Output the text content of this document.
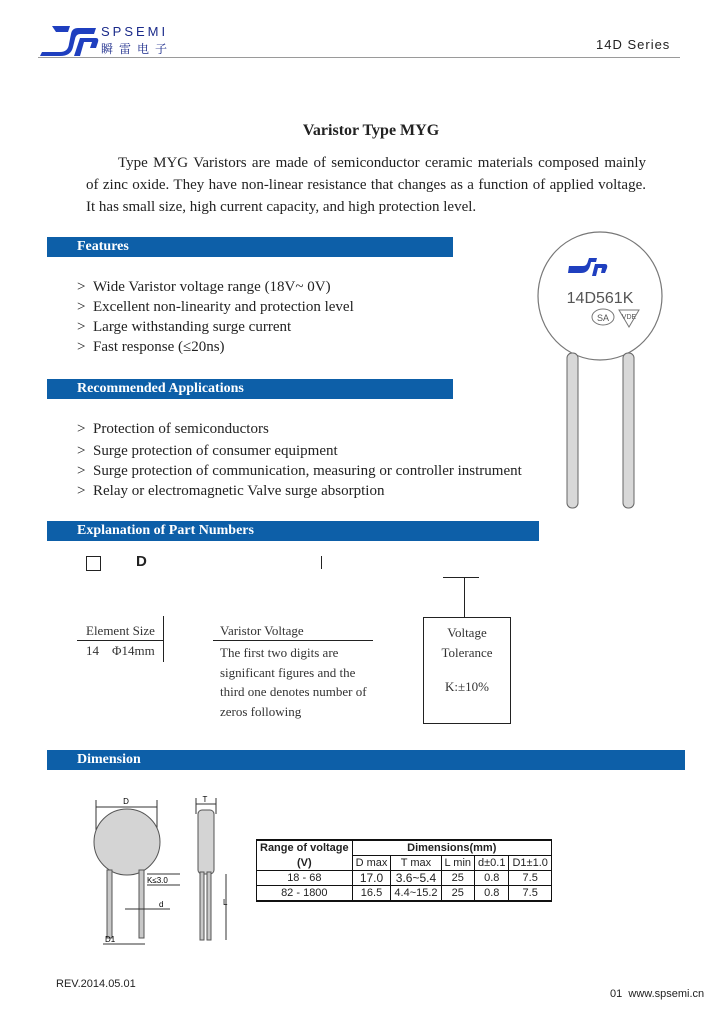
SPSEMI
瞬雷电子	14D Series
Varistor Type MYG
Type MYG Varistors are made of semiconductor ceramic materials composed mainly of zinc oxide. They have non-linear resistance that changes as a function of applied voltage. It has small size, high current capacity, and high protection level.
Features
> Wide Varistor voltage range (18V~ 0V)
> Excellent non-linearity and protection level
> Large withstanding surge current
> Fast response (≤20ns)
14D561K
SA VDE
Recommended Applications
> Protection of semiconductors
> Surge protection of consumer equipment
> Surge protection of communication, measuring or controller instrument
> Relay or electromagnetic Valve surge absorption
Explanation of Part Numbers
D
Element Size
14    Φ14mm
Varistor Voltage
The first two digits are
significant figures and the
third one denotes number of
zeros following
Voltage
Tolerance
K:±10%
Dimension
D
K≤3.0
d
D1
T
L
Range of voltage	Dimensions(mm)				
(V)	D max	T max	L min	d±0.1	D1±1.0
18 - 68	17.0	3.6~5.4	25	0.8	7.5
82 - 1800	16.5	4.4~15.2	25	0.8	7.5
REV.2014.05.01
01 www.spsemi.cn
